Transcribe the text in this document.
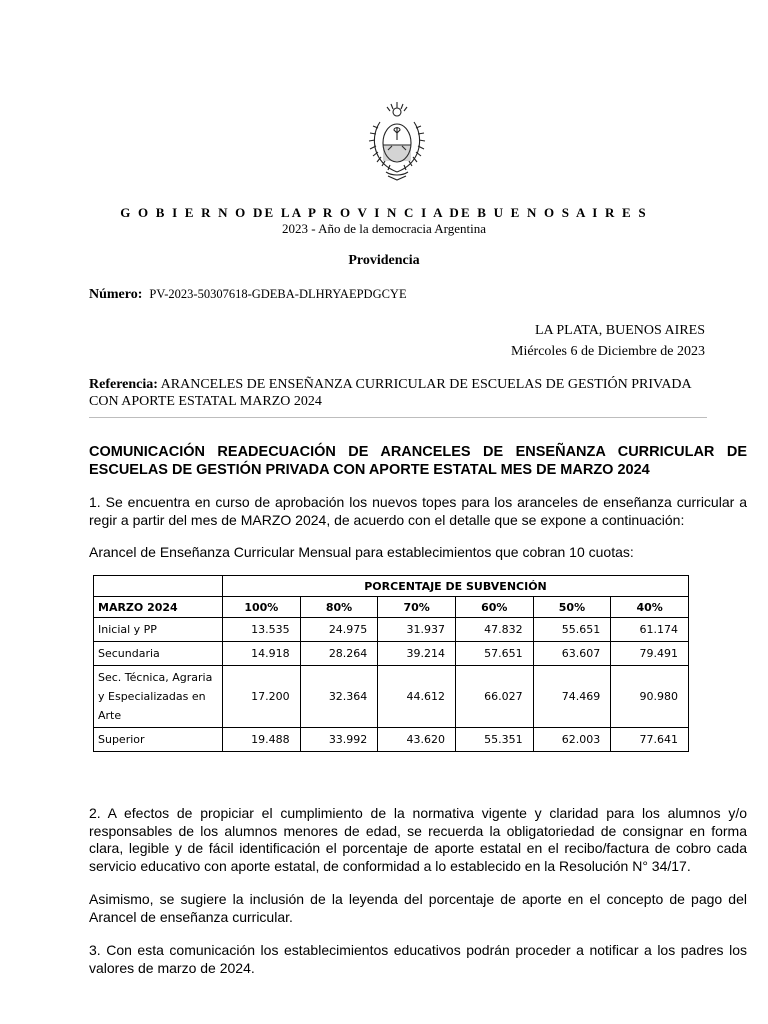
G O B I E R N O DE LA P R O V I N C I A DE B U E N O S A I R E S
2023 - Año de la democracia Argentina
Providencia
Número: PV-2023-50307618-GDEBA-DLHRYAEPDGCYE
LA PLATA, BUENOS AIRES
Miércoles 6 de Diciembre de 2023
Referencia: ARANCELES DE ENSEÑANZA CURRICULAR DE ESCUELAS DE GESTIÓN PRIVADA CON APORTE ESTATAL MARZO 2024
COMUNICACIÓN READECUACIÓN DE ARANCELES DE ENSEÑANZA CURRICULAR DE ESCUELAS DE GESTIÓN PRIVADA CON APORTE ESTATAL MES DE MARZO 2024
1. Se encuentra en curso de aprobación los nuevos topes para los aranceles de enseñanza curricular a regir a partir del mes de MARZO 2024, de acuerdo con el detalle que se expone a continuación:
Arancel de Enseñanza Curricular Mensual para establecimientos que cobran 10 cuotas:
	PORCENTAJE DE SUBVENCIÓN					
MARZO 2024	100%	80%	70%	60%	50%	40%
Inicial y PP	13.535	24.975	31.937	47.832	55.651	61.174
Secundaria	14.918	28.264	39.214	57.651	63.607	79.491
Sec. Técnica, Agraria y Especializadas en Arte	17.200	32.364	44.612	66.027	74.469	90.980
Superior	19.488	33.992	43.620	55.351	62.003	77.641
2. A efectos de propiciar el cumplimiento de la normativa vigente y claridad para los alumnos y/o responsables de los alumnos menores de edad, se recuerda la obligatoriedad de consignar en forma clara, legible y de fácil identificación el porcentaje de aporte estatal en el recibo/factura de cobro cada servicio educativo con aporte estatal, de conformidad a lo establecido en la Resolución N° 34/17.
Asimismo, se sugiere la inclusión de la leyenda del porcentaje de aporte en el concepto de pago del Arancel de enseñanza curricular.
3. Con esta comunicación los establecimientos educativos podrán proceder a notificar a los padres los valores de marzo de 2024.
